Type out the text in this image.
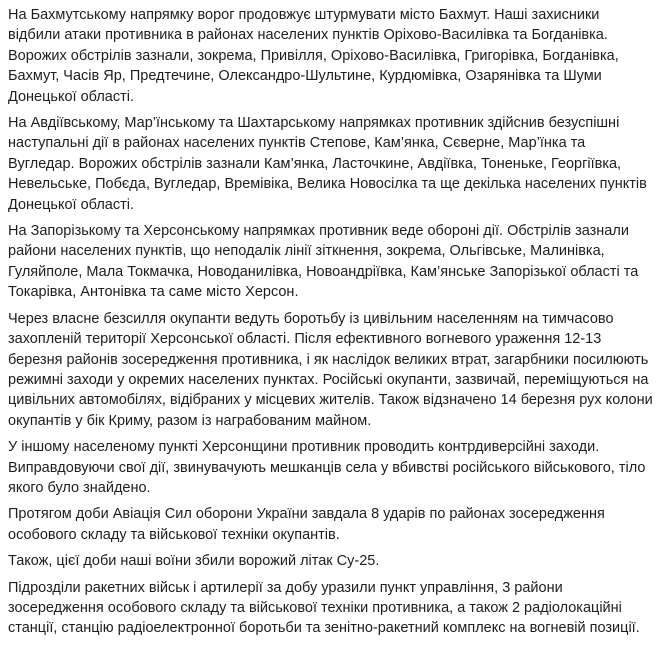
На Бахмутському напрямку ворог продовжує штурмувати місто Бахмут. Наші захисники відбили атаки противника в районах населених пунктів Оріхово-Василівка та Богданівка. Ворожих обстрілів зазнали, зокрема, Привілля, Оріхово-Василівка, Григорівка, Богданівка, Бахмут, Часів Яр, Предтечине, Олександро-Шультине, Курдюмівка, Озарянівка та Шуми Донецької області.

На Авдіївському, Мар’їнському та Шахтарському напрямках противник здійснив безуспішні наступальні дії в районах населених пунктів Степове, Кам’янка, Сєверне, Мар’їнка та Вугледар. Ворожих обстрілів зазнали Кам’янка, Ласточкине, Авдіївка, Тоненьке, Георгіївка, Невельське, Побєда, Вугледар, Времівіка, Велика Новосілка та ще декілька населених пунктів Донецької області.

На Запорізькому та Херсонському напрямках противник веде обороні дії. Обстрілів зазнали райони населених пунктів, що неподалік лінії зіткнення, зокрема, Ольгівське, Малинівка, Гуляйполе, Мала Токмачка, Новоданилівка, Новоандріївка, Кам’янське Запорізької області та Токарівка, Антонівка та саме місто Херсон.

Через власне безсилля окупанти ведуть боротьбу із цивільним населенням на тимчасово захопленій території Херсонської області. Після ефективного вогневого ураження 12-13 березня районів зосередження противника, і як наслідок великих втрат, загарбники посилюють режимні заходи у окремих населених пунктах. Російські окупанти, зазвичай, переміщуються на цивільних автомобілях, відібраних у місцевих жителів. Також відзначено 14 березня рух колони окупантів у бік Криму, разом із награбованим майном.

У іншому населеному пункті Херсонщини противник проводить контрдиверсійні заходи. Виправдовуючи свої дії, звинувачують мешканців села у вбивстві російського військового, тіло якого було знайдено.

Протягом доби Авіація Сил оборони України завдала 8 ударів по районах зосередження особового складу та військової техніки окупантів.

Також, цієї доби наші воїни збили ворожий літак Су-25.

Підрозділи ракетних військ і артилерії за добу уразили пункт управління, 3 райони зосередження особового складу та військової техніки противника, а також 2 радіолокаційні станції, станцію радіоелектронної боротьби та зенітно-ракетний комплекс на вогневій позиції.
